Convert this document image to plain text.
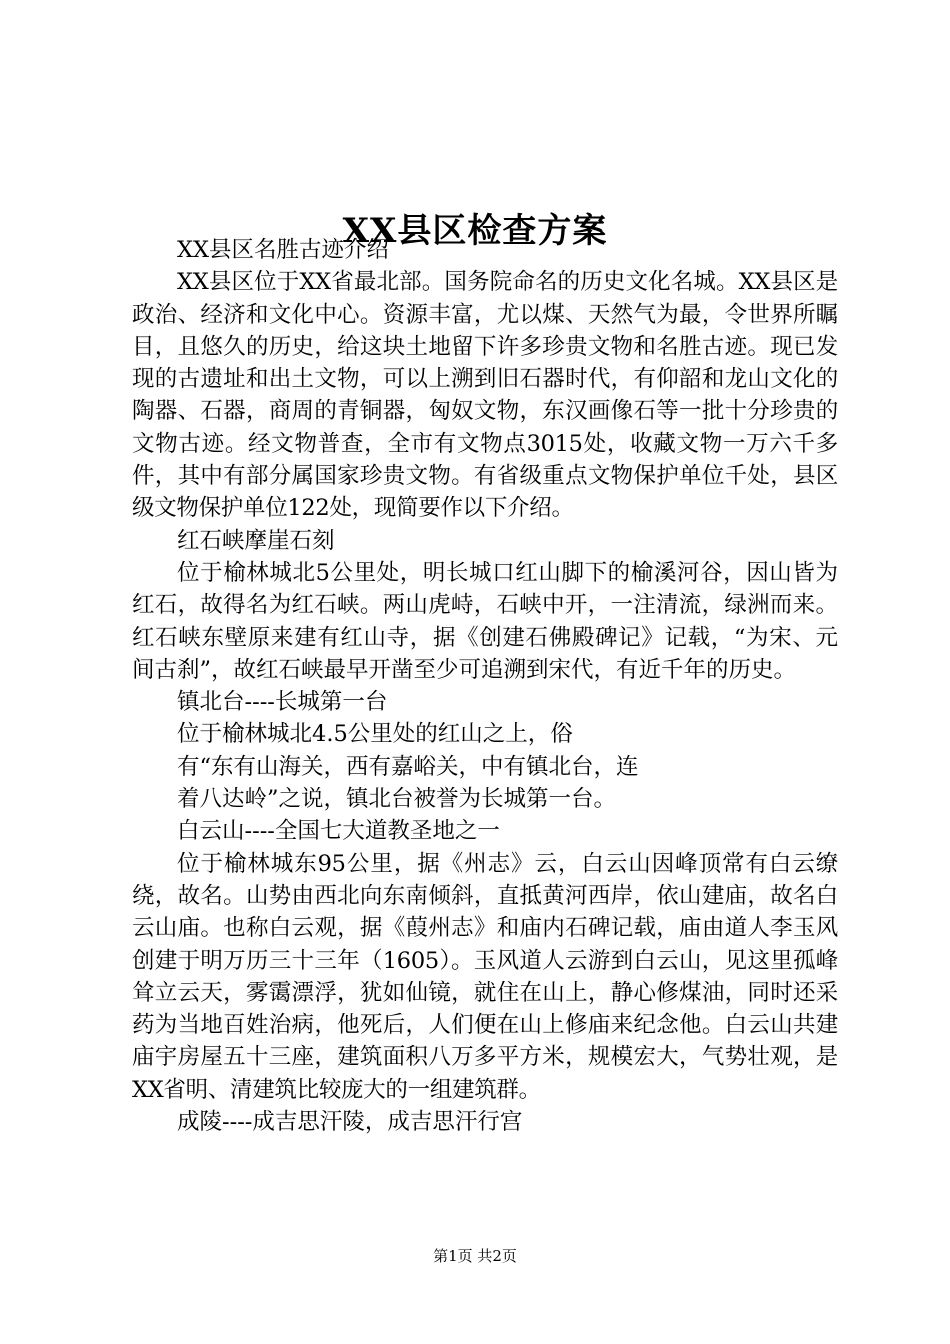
XX县区检查方案

XX县区名胜古迹介绍

XX县区位于XX省最北部。国务院命名的历史文化名城。XX县区是政治、经济和文化中心。资源丰富，尤以煤、天然气为最，令世界所瞩目，且悠久的历史，给这块土地留下许多珍贵文物和名胜古迹。现已发现的古遗址和出土文物，可以上溯到旧石器时代，有仰韶和龙山文化的陶器、石器，商周的青铜器，匈奴文物，东汉画像石等一批十分珍贵的文物古迹。经文物普查，全市有文物点3015处，收藏文物一万六千多件，其中有部分属国家珍贵文物。有省级重点文物保护单位千处，县区级文物保护单位122处，现简要作以下介绍。

红石峡摩崖石刻

位于榆林城北5公里处，明长城口红山脚下的榆溪河谷，因山皆为红石，故得名为红石峡。两山虎峙，石峡中开，一注清流，绿洲而来。红石峡东壁原来建有红山寺，据《创建石佛殿碑记》记载，“为宋、元间古刹”，故红石峡最早开凿至少可追溯到宋代，有近千年的历史。

镇北台----长城第一台

位于榆林城北4.5公里处的红山之上，俗

有“东有山海关，西有嘉峪关，中有镇北台，连

着八达岭”之说，镇北台被誉为长城第一台。

白云山----全国七大道教圣地之一

位于榆林城东95公里，据《州志》云，白云山因峰顶常有白云缭绕，故名。山势由西北向东南倾斜，直抵黄河西岸，依山建庙，故名白云山庙。也称白云观，据《葭州志》和庙内石碑记载，庙由道人李玉风创建于明万历三十三年（1605）。玉风道人云游到白云山，见这里孤峰耸立云天，雾霭漂浮，犹如仙镜，就住在山上，静心修煤油，同时还采药为当地百姓治病，他死后，人们便在山上修庙来纪念他。白云山共建庙宇房屋五十三座，建筑面积八万多平方米，规模宏大，气势壮观，是XX省明、清建筑比较庞大的一组建筑群。

成陵----成吉思汗陵，成吉思汗行宫

第1页 共2页
